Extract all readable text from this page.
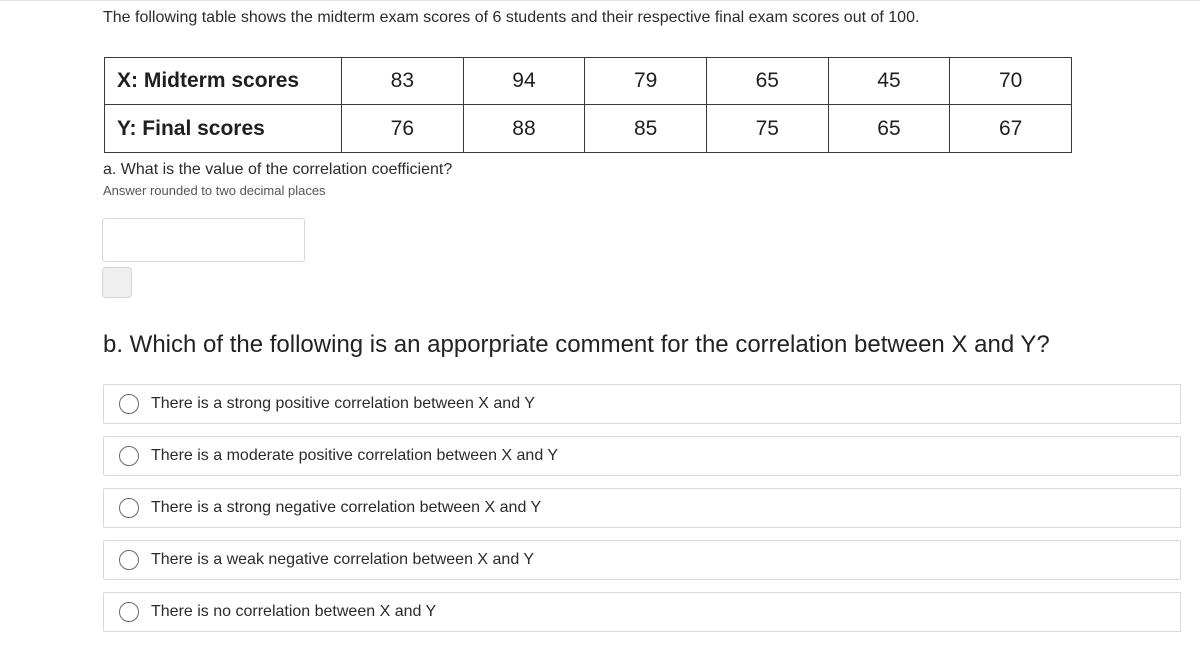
The following table shows the midterm exam scores of 6 students and their respective final exam scores out of 100.
X: Midterm scores	83	94	79	65	45	70
Y: Final scores	76	88	85	75	65	67
a. What is the value of the correlation coefficient?
Answer rounded to two decimal places
b. Which of the following is an apporpriate comment for the correlation between X and Y?
There is a strong positive correlation between X and Y
There is a moderate positive correlation between X and Y
There is a strong negative correlation between X and Y
There is a weak negative correlation between X and Y
There is no correlation between X and Y
